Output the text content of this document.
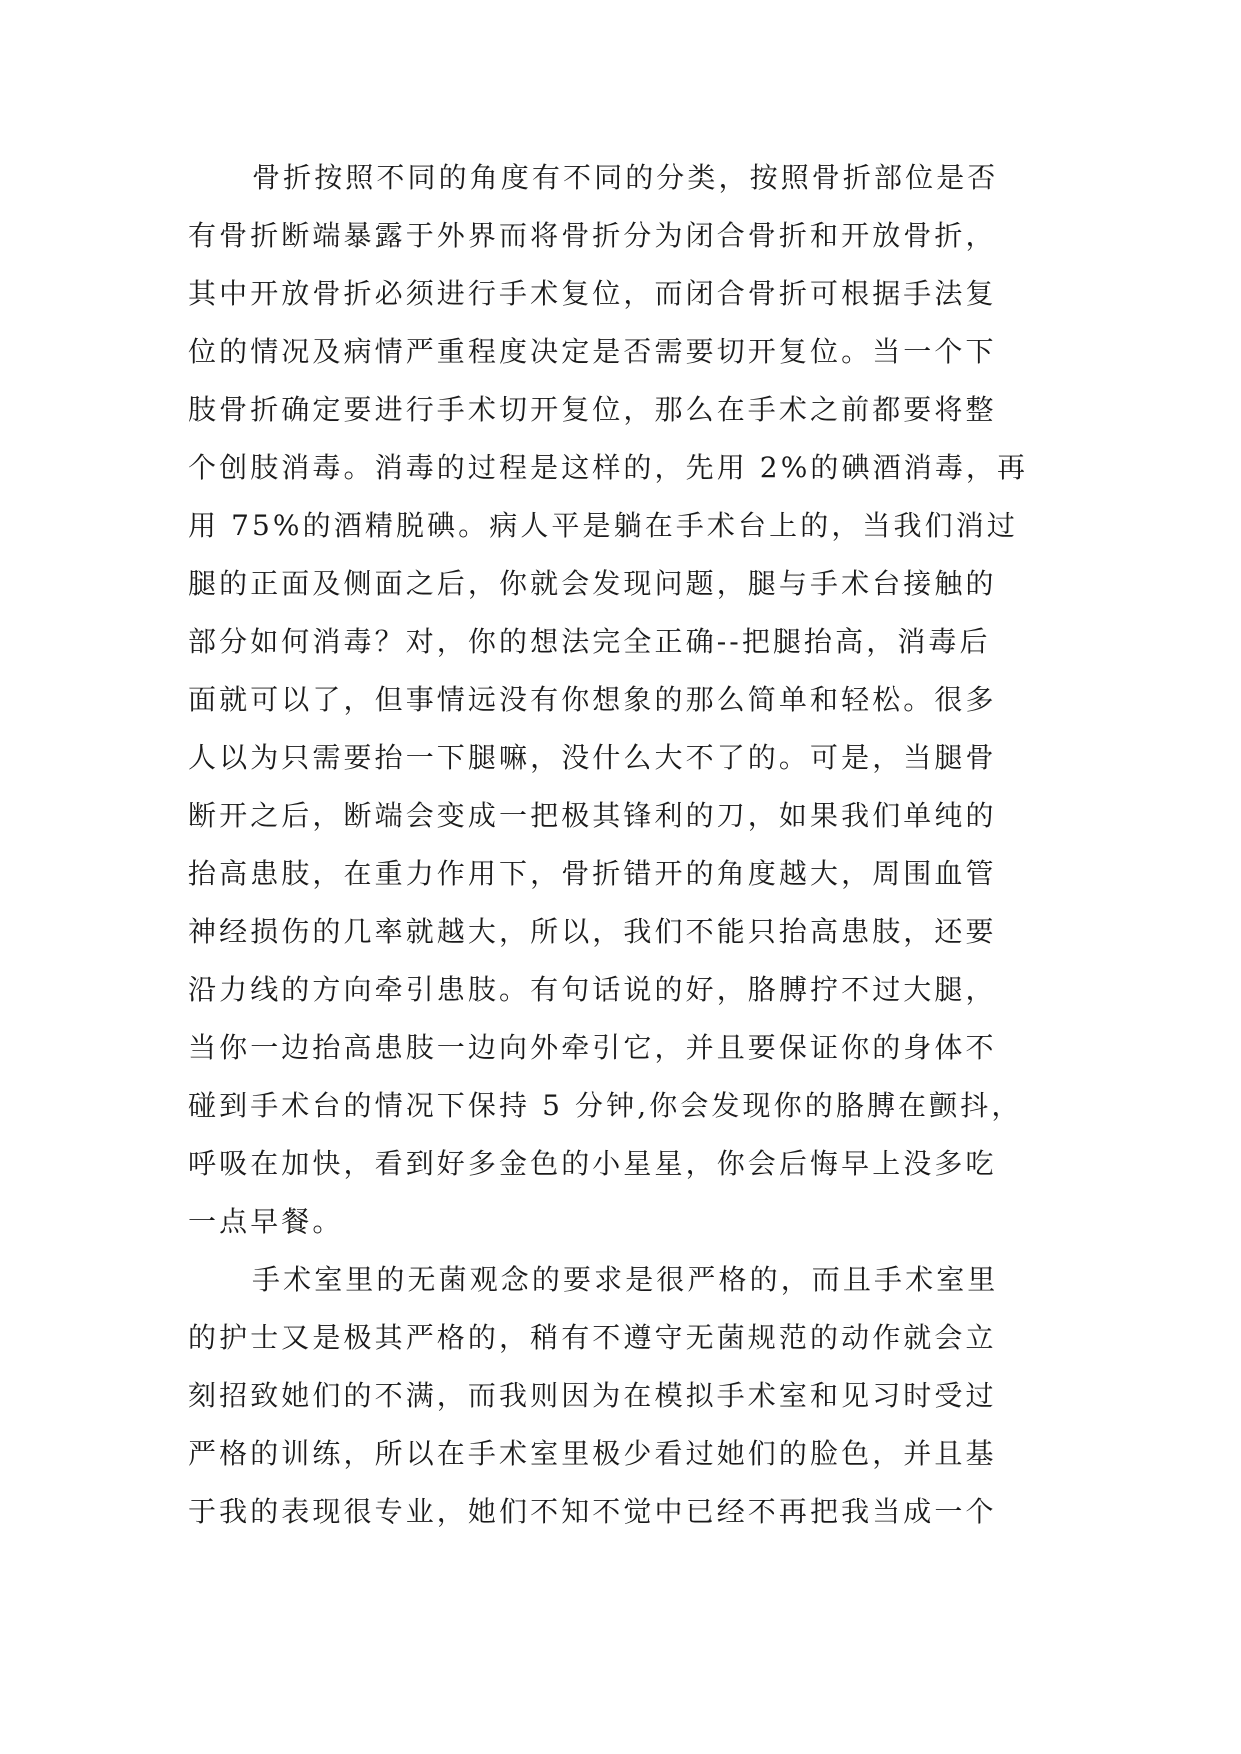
骨折按照不同的角度有不同的分类，按照骨折部位是否
有骨折断端暴露于外界而将骨折分为闭合骨折和开放骨折，
其中开放骨折必须进行手术复位，而闭合骨折可根据手法复
位的情况及病情严重程度决定是否需要切开复位。当一个下
肢骨折确定要进行手术切开复位，那么在手术之前都要将整
个创肢消毒。消毒的过程是这样的，先用 2%的碘酒消毒，再
用 75%的酒精脱碘。病人平是躺在手术台上的，当我们消过
腿的正面及侧面之后，你就会发现问题，腿与手术台接触的
部分如何消毒？对，你的想法完全正确--把腿抬高，消毒后
面就可以了，但事情远没有你想象的那么简单和轻松。很多
人以为只需要抬一下腿嘛，没什么大不了的。可是，当腿骨
断开之后，断端会变成一把极其锋利的刀，如果我们单纯的
抬高患肢，在重力作用下，骨折错开的角度越大，周围血管
神经损伤的几率就越大，所以，我们不能只抬高患肢，还要
沿力线的方向牵引患肢。有句话说的好，胳膊拧不过大腿，
当你一边抬高患肢一边向外牵引它，并且要保证你的身体不
碰到手术台的情况下保持 5 分钟,你会发现你的胳膊在颤抖，
呼吸在加快，看到好多金色的小星星，你会后悔早上没多吃
一点早餐。
手术室里的无菌观念的要求是很严格的，而且手术室里
的护士又是极其严格的，稍有不遵守无菌规范的动作就会立
刻招致她们的不满，而我则因为在模拟手术室和见习时受过
严格的训练，所以在手术室里极少看过她们的脸色，并且基
于我的表现很专业，她们不知不觉中已经不再把我当成一个
